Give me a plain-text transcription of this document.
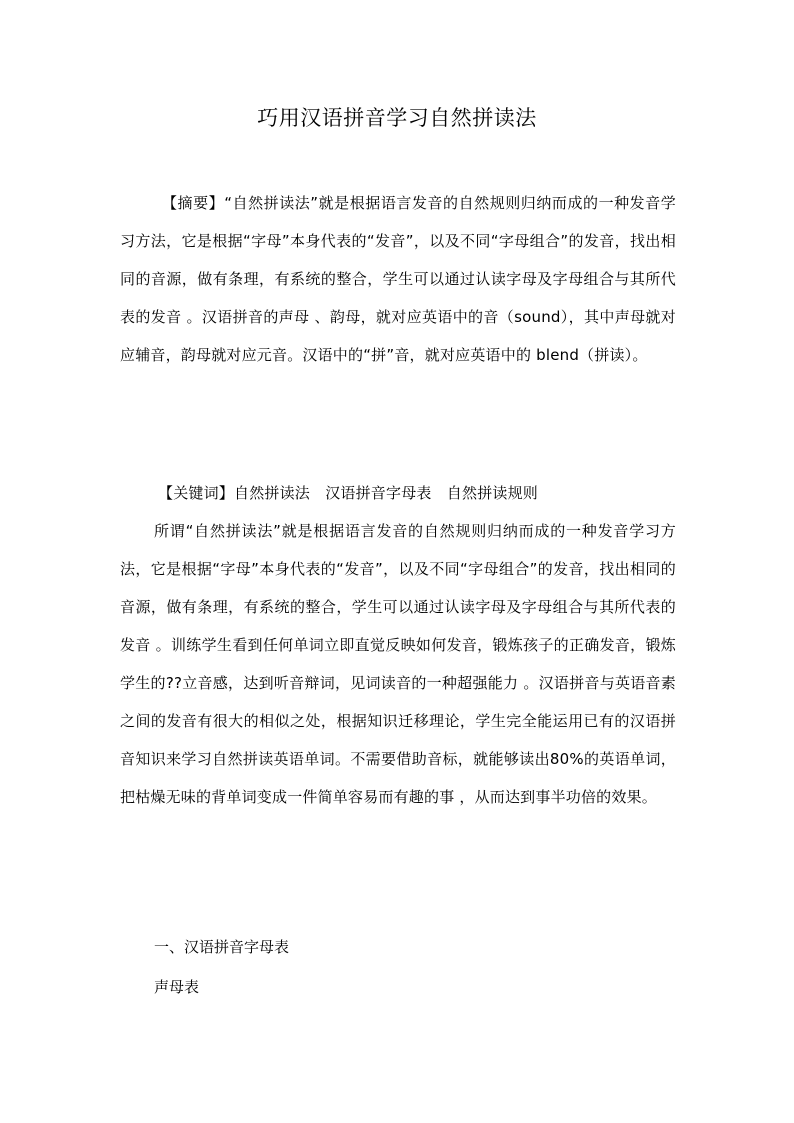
巧用汉语拼音学习自然拼读法
【摘要】“自然拼读法”就是根据语言发音的自然规则归纳而成的一种发音学习方法，它是根据“字母”本身代表的“发音”，以及不同“字母组合”的发音，找出相同的音源，做有条理，有系统的整合，学生可以通过认读字母及字母组合与其所代表的发音 。汉语拼音的声母 、韵母，就对应英语中的音（sound），其中声母就对应辅音，韵母就对应元音。汉语中的“拼”音，就对应英语中的 blend（拼读）。
【关键词】自然拼读法　汉语拼音字母表　自然拼读规则
所谓“自然拼读法”就是根据语言发音的自然规则归纳而成的一种发音学习方法，它是根据“字母”本身代表的“发音”，以及不同“字母组合”的发音，找出相同的音源，做有条理，有系统的整合，学生可以通过认读字母及字母组合与其所代表的发音 。训练学生看到任何单词立即直觉反映如何发音，锻炼孩子的正确发音，锻炼学生的??立音感，达到听音辩词，见词读音的一种超强能力 。汉语拼音与英语音素之间的发音有很大的相似之处，根据知识迁移理论，学生完全能运用已有的汉语拼音知识来学习自然拼读英语单词。不需要借助音标，就能够读出80%的英语单词，把枯燥无味的背单词变成一件简单容易而有趣的事 ，从而达到事半功倍的效果。
一、汉语拼音字母表
声母表
